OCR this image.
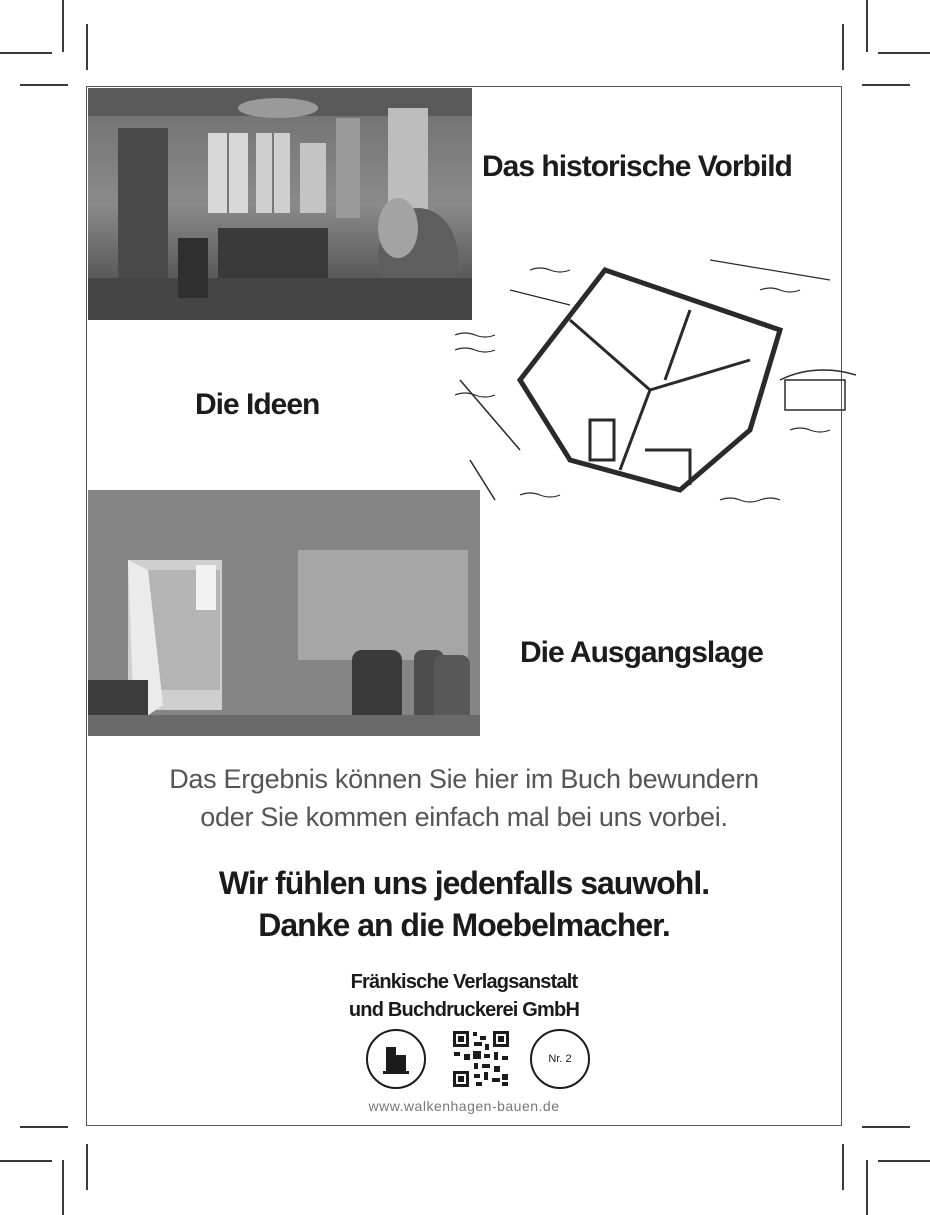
Das historische Vorbild
Die Ideen
Die Ausgangslage
Das Ergebnis können Sie hier im Buch bewundern
oder Sie kommen einfach mal bei uns vorbei.
Wir fühlen uns jedenfalls sauwohl.
Danke an die Moebelmacher.
Fränkische Verlagsanstalt
und Buchdruckerei GmbH
Nr. 2
www.walkenhagen-bauen.de
